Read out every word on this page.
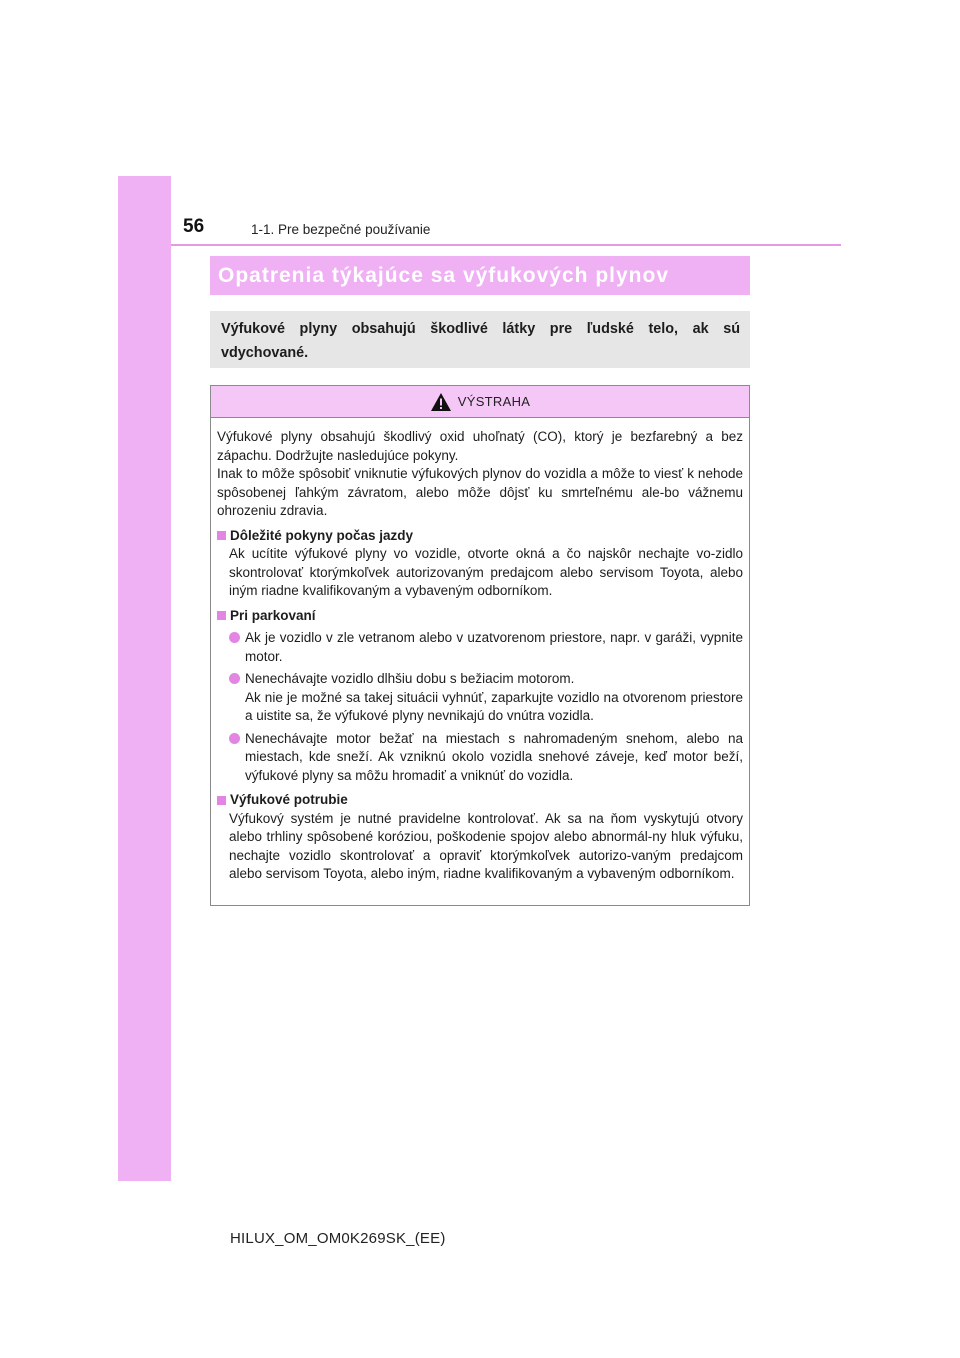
56	1-1. Pre bezpečné používanie
Opatrenia týkajúce sa výfukových plynov
Výfukové plyny obsahujú škodlivé látky pre ľudské telo, ak sú vdychované.
VÝSTRAHA

Výfukové plyny obsahujú škodlivý oxid uhoľnatý (CO), ktorý je bezfarebný a bez zápachu. Dodržujte nasledujúce pokyny.

Inak to môže spôsobiť vniknutie výfukových plynov do vozidla a môže to viesť k nehode spôsobenej ľahkým závratom, alebo môže dôjsť ku smrteľnému ale-bo vážnemu ohrozeniu zdravia.

Dôležité pokyny počas jazdy
Ak ucítite výfukové plyny vo vozidle, otvorte okná a čo najskôr nechajte vo-zidlo skontrolovať ktorýmkoľvek autorizovaným predajcom alebo servisom Toyota, alebo iným riadne kvalifikovaným a vybaveným odborníkom.
Pri parkovaní
Ak je vozidlo v zle vetranom alebo v uzatvorenom priestore, napr. v garáži, vypnite motor.
Nenechávajte vozidlo dlhšiu dobu s bežiacim motorom.
Ak nie je možné sa takej situácii vyhnúť, zaparkujte vozidlo na otvorenom priestore a uistite sa, že výfukové plyny nevnikajú do vnútra vozidla.
Nenechávajte motor bežať na miestach s nahromadeným snehom, alebo na miestach, kde sneží. Ak vzniknú okolo vozidla snehové záveje, keď motor beží, výfukové plyny sa môžu hromadiť a vniknúť do vozidla.
Výfukové potrubie
Výfukový systém je nutné pravidelne kontrolovať. Ak sa na ňom vyskytujú otvory alebo trhliny spôsobené koróziou, poškodenie spojov alebo abnormál-ny hluk výfuku, nechajte vozidlo skontrolovať a opraviť ktorýmkoľvek autorizo-vaným predajcom alebo servisom Toyota, alebo iným, riadne kvalifikovaným a vybaveným odborníkom.
HILUX_OM_OM0K269SK_(EE)
